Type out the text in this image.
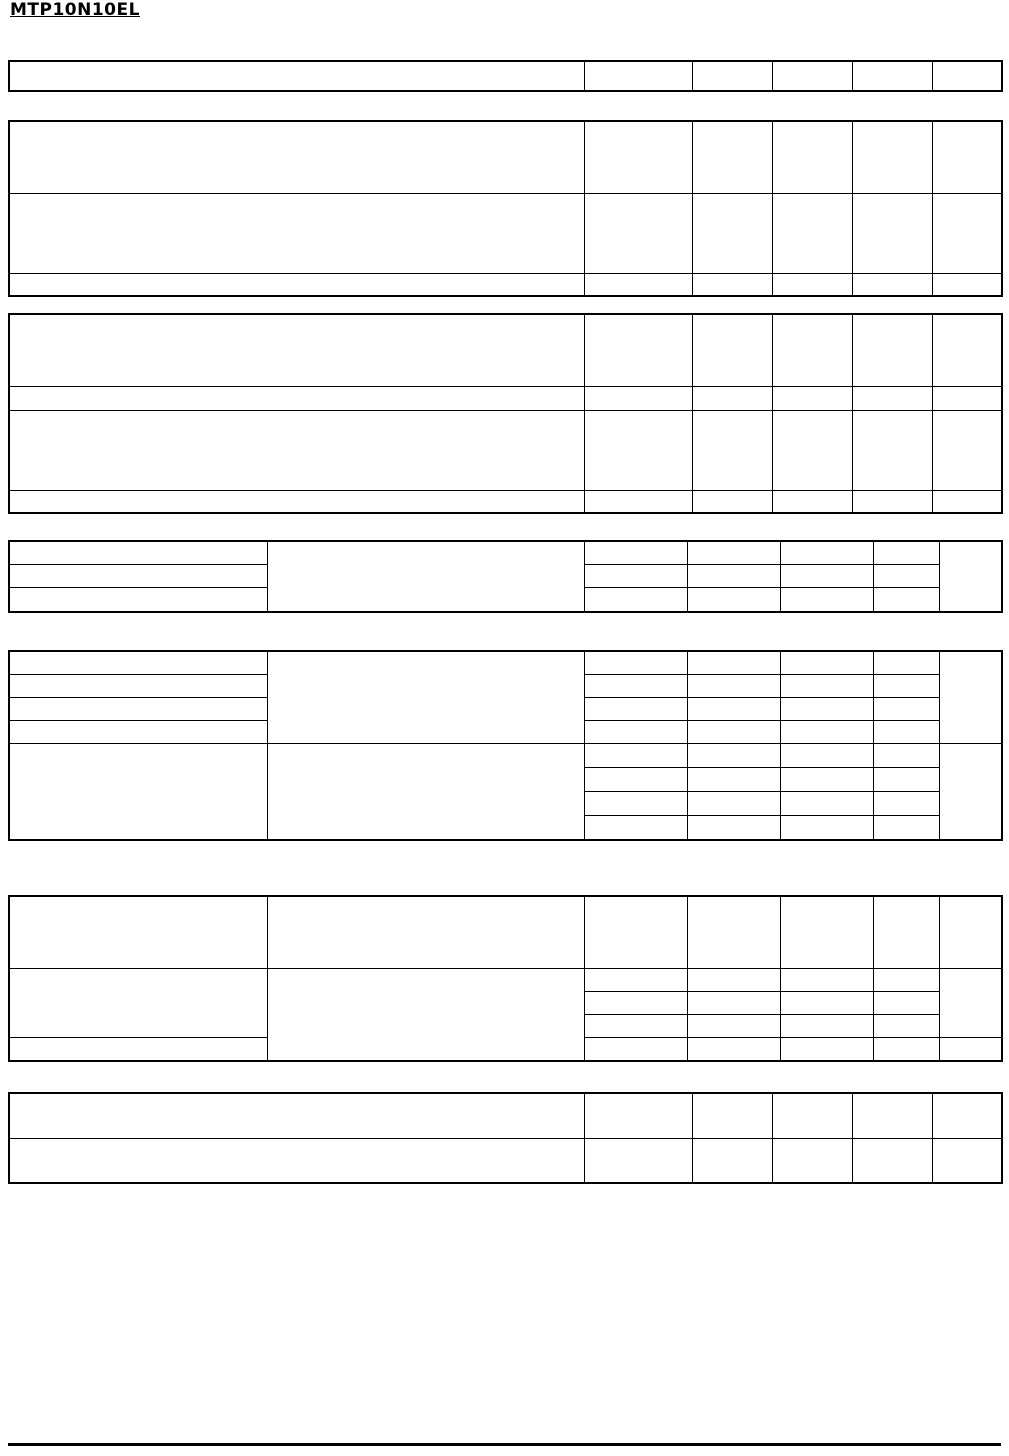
MTP10N10EL
